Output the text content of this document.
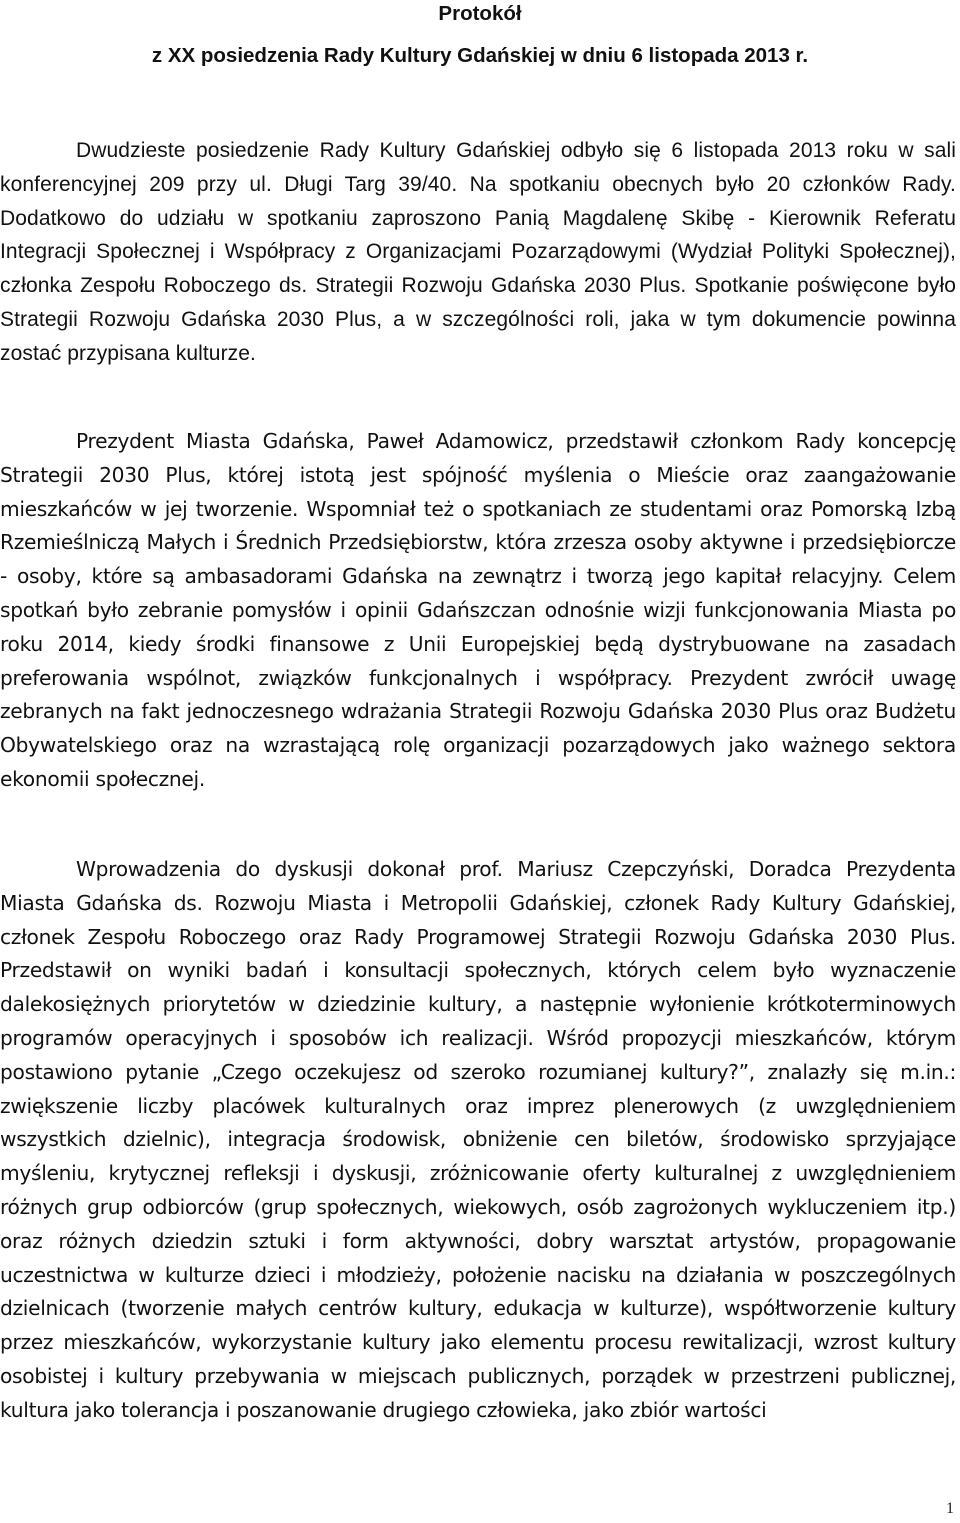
Protokół
z XX posiedzenia Rady Kultury Gdańskiej w dniu 6 listopada 2013 r.

Dwudzieste posiedzenie Rady Kultury Gdańskiej odbyło się 6 listopada 2013 roku w sali konferencyjnej 209 przy ul. Długi Targ 39/40. Na spotkaniu obecnych było 20 członków Rady. Dodatkowo do udziału w spotkaniu zaproszono Panią Magdalenę Skibę - Kierownik Referatu Integracji Społecznej i Współpracy z Organizacjami Pozarządowymi (Wydział Polityki Społecznej), członka Zespołu Roboczego ds. Strategii Rozwoju Gdańska 2030 Plus. Spotkanie poświęcone było Strategii Rozwoju Gdańska 2030 Plus, a w szczególności roli, jaka w tym dokumencie powinna zostać przypisana kulturze.

Prezydent Miasta Gdańska, Paweł Adamowicz, przedstawił członkom Rady koncepcję Strategii 2030 Plus, której istotą jest spójność myślenia o Mieście oraz zaangażowanie mieszkańców w jej tworzenie. Wspomniał też o spotkaniach ze studentami oraz Pomorską Izbą Rzemieślniczą Małych i Średnich Przedsiębiorstw, która zrzesza osoby aktywne i przedsiębiorcze - osoby, które są ambasadorami Gdańska na zewnątrz i tworzą jego kapitał relacyjny. Celem spotkań było zebranie pomysłów i opinii Gdańszczan odnośnie wizji funkcjonowania Miasta po roku 2014, kiedy środki finansowe z Unii Europejskiej będą dystrybuowane na zasadach preferowania wspólnot, związków funkcjonalnych i współpracy. Prezydent zwrócił uwagę zebranych na fakt jednoczesnego wdrażania Strategii Rozwoju Gdańska 2030 Plus oraz Budżetu Obywatelskiego oraz na wzrastającą rolę organizacji pozarządowych jako ważnego sektora ekonomii społecznej.

Wprowadzenia do dyskusji dokonał prof. Mariusz Czepczyński, Doradca Prezydenta Miasta Gdańska ds. Rozwoju Miasta i Metropolii Gdańskiej, członek Rady Kultury Gdańskiej, członek Zespołu Roboczego oraz Rady Programowej Strategii Rozwoju Gdańska 2030 Plus. Przedstawił on wyniki badań i konsultacji społecznych, których celem było wyznaczenie dalekosiężnych priorytetów w dziedzinie kultury, a następnie wyłonienie krótkoterminowych programów operacyjnych i sposobów ich realizacji. Wśród propozycji mieszkańców, którym postawiono pytanie „Czego oczekujesz od szeroko rozumianej kultury?”, znalazły się m.in.: zwiększenie liczby placówek kulturalnych oraz imprez plenerowych (z uwzględnieniem wszystkich dzielnic), integracja środowisk, obniżenie cen biletów, środowisko sprzyjające myśleniu, krytycznej refleksji i dyskusji, zróżnicowanie oferty kulturalnej z uwzględnieniem różnych grup odbiorców (grup społecznych, wiekowych, osób zagrożonych wykluczeniem itp.) oraz różnych dziedzin sztuki i form aktywności, dobry warsztat artystów, propagowanie uczestnictwa w kulturze dzieci i młodzieży, położenie nacisku na działania w poszczególnych dzielnicach (tworzenie małych centrów kultury, edukacja w kulturze), współtworzenie kultury przez mieszkańców, wykorzystanie kultury jako elementu procesu rewitalizacji, wzrost kultury osobistej i kultury przebywania w miejscach publicznych, porządek w przestrzeni publicznej, kultura jako tolerancja i poszanowanie drugiego człowieka, jako zbiór wartości

1
